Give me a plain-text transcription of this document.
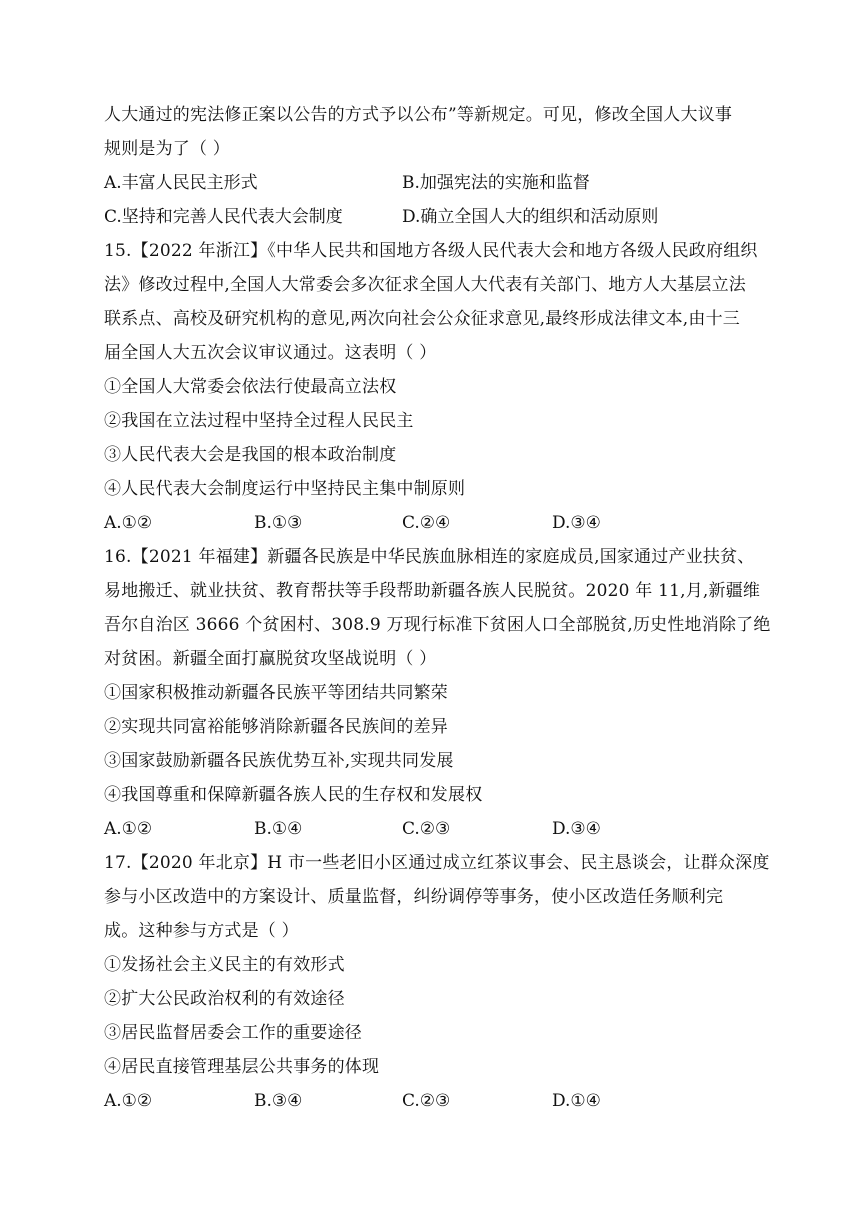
人大通过的宪法修正案以公告的方式予以公布”等新规定。可见，修改全国人大议事
规则是为了（ ）
A.丰富人民民主形式	B.加强宪法的实施和监督
C.坚持和完善人民代表大会制度	D.确立全国人大的组织和活动原则
15.【2022 年浙江】《中华人民共和国地方各级人民代表大会和地方各级人民政府组织
法》修改过程中,全国人大常委会多次征求全国人大代表有关部门、地方人大基层立法
联系点、高校及研究机构的意见,两次向社会公众征求意见,最终形成法律文本,由十三
届全国人大五次会议审议通过。这表明（ ）
①全国人大常委会依法行使最高立法权
②我国在立法过程中坚持全过程人民民主
③人民代表大会是我国的根本政治制度
④人民代表大会制度运行中坚持民主集中制原则
A.①②	B.①③	C.②④	D.③④
16.【2021 年福建】新疆各民族是中华民族血脉相连的家庭成员,国家通过产业扶贫、
易地搬迁、就业扶贫、教育帮扶等手段帮助新疆各族人民脱贫。2020 年 11,月,新疆维
吾尔自治区 3666 个贫困村、308.9 万现行标准下贫困人口全部脱贫,历史性地消除了绝
对贫困。新疆全面打赢脱贫攻坚战说明（ ）
①国家积极推动新疆各民族平等团结共同繁荣
②实现共同富裕能够消除新疆各民族间的差异
③国家鼓励新疆各民族优势互补,实现共同发展
④我国尊重和保障新疆各族人民的生存权和发展权
A.①②	B.①④	C.②③	D.③④
17.【2020 年北京】H 市一些老旧小区通过成立红茶议事会、民主恳谈会，让群众深度
参与小区改造中的方案设计、质量监督，纠纷调停等事务，使小区改造任务顺利完
成。这种参与方式是（ ）
①发扬社会主义民主的有效形式
②扩大公民政治权利的有效途径
③居民监督居委会工作的重要途径
④居民直接管理基层公共事务的体现
A.①②	B.③④	C.②③	D.①④
